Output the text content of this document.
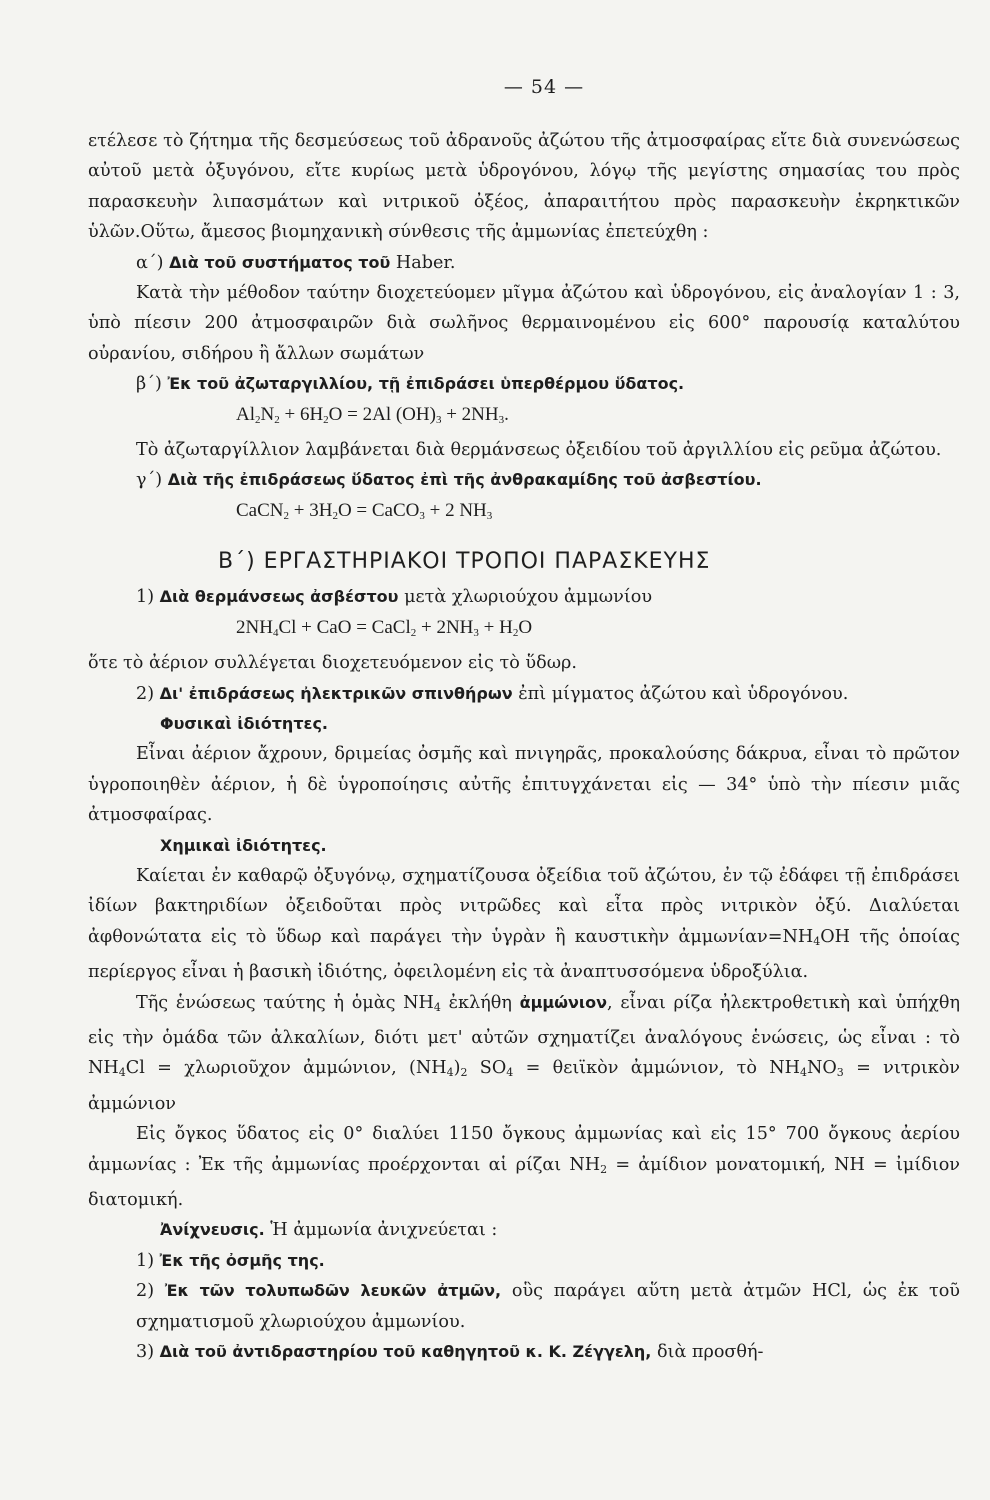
— 54 —

ετέλεσε τὸ ζήτημα τῆς δεσμεύσεως τοῦ ἀδρανοῦς ἀζώτου τῆς ἀτμοσφαίρας εἴτε διὰ συνενώσεως αὐτοῦ μετὰ ὀξυγόνου, εἴτε κυρίως μετὰ ὑδρογόνου, λόγῳ τῆς μεγίστης σημασίας του πρὸς παρασκευὴν λιπασμάτων καὶ νιτρικοῦ ὀξέος, ἀπαραιτήτου πρὸς παρασκευὴν ἐκρηκτικῶν ὑλῶν.Οὕτω, ἄμεσος βιομηχανικὴ σύνθεσις τῆς ἀμμωνίας ἐπετεύχθη :

α΄) Διὰ τοῦ συστήματος τοῦ Haber.

Κατὰ τὴν μέθοδον ταύτην διοχετεύομεν μῖγμα ἀζώτου καὶ ὑδρογόνου, εἰς ἀναλογίαν 1 : 3, ὑπὸ πίεσιν 200 ἀτμοσφαιρῶν διὰ σωλῆνος θερμαινομένου εἰς 600° παρουσίᾳ καταλύτου οὐρανίου, σιδήρου ἢ ἄλλων σωμάτων

β΄) Ἐκ τοῦ ἀζωταργιλλίου, τῇ ἐπιδράσει ὑπερθέρμου ὕδατος.

$Al_2N_2 + 6H_2O = 2Al$ $(OH)_3 + 2NH_3$.

Τὸ ἀζωταργίλλιον λαμβάνεται διὰ θερμάνσεως ὀξειδίου τοῦ ἀργιλλίου εἰς ρεῦμα ἀζώτου.

γ΄) Διὰ τῆς ἐπιδράσεως ὕδατος ἐπὶ τῆς ἀνθρακαμίδης τοῦ ἀσβεστίου.

CaCN$_2$ + $3H_2O$ = CaCO$_3$ + 2 $NH_3$

Β΄) ΕΡΓΑΣΤΗΡΙΑΚΟΙ ΤΡΟΠΟΙ ΠΑΡΑΣΚΕΥΗΣ

1) Διὰ θερμάνσεως ἀσβέστου μετὰ χλωριούχου ἀμμωνίου

$2NH_4Cl$ + CaO = CaCl$_2$ + $2NH_3 + H_2O$

ὅτε τὸ ἀέριον συλλέγεται διοχετευόμενον εἰς τὸ ὕδωρ.

2) Δι' ἐπιδράσεως ἠλεκτρικῶν σπινθήρων ἐπὶ μίγματος ἀζώτου καὶ ὑδρογόνου.

Φυσικαὶ ἰδιότητες.

Εἶναι ἀέριον ἄχρουν, δριμείας ὀσμῆς καὶ πνιγηρᾶς, προκαλούσης δάκρυα, εἶναι τὸ πρῶτον ὑγροποιηθὲν ἀέριον, ἡ δὲ ὑγροποίησις αὐτῆς ἐπιτυγχάνεται εἰς — 34° ὑπὸ τὴν πίεσιν μιᾶς ἀτμοσφαίρας.

Χημικαὶ ἰδιότητες.

Καίεται ἐν καθαρῷ ὀξυγόνῳ, σχηματίζουσα ὀξείδια τοῦ ἀζώτου, ἐν τῷ ἐδάφει τῇ ἐπιδράσει ἰδίων βακτηριδίων ὀξειδοῦται πρὸς νιτρῶδες καὶ εἶτα πρὸς νιτρικὸν ὀξύ. Διαλύεται ἀφθονώτατα εἰς τὸ ὕδωρ καὶ παράγει τὴν ὑγρὰν ἢ καυστικὴν $ἀ\mu\mu\omega\nu ί\alpha\nu=NH_4OH$ τῆς ὁποίας περίεργος εἶναι ἡ βασικὴ ἰδιότης, ὀφειλομένη εἰς τὰ ἀναπτυσσόμενα ὑδροξύλια.

Τῆς ἑνώσεως ταύτης ἡ ὁμὰς $NH_4$ ἐκλήθη ἀμμώνιον, εἶναι ρίζα ἠλεκτροθετικὴ καὶ ὑπήχθη εἰς τὴν ὁμάδα τῶν ἀλκαλίων, διότι μετ' αὐτῶν σχηματίζει ἀναλόγους ἑνώσεις, ὡς εἶναι : τὸ $NH_4Cl$ = χλωριοῦχον ἀμμώνιον, $(NH_4)_2$ $SO_4$ = θειϊκὸν ἀμμώνιον, τὸ $NH_4NO_3$ = νιτρικὸν ἀμμώνιον

Εἰς ὄγκος ὕδατος εἰς 0° διαλύει 1150 ὄγκους ἀμμωνίας καὶ εἰς 15° 700 ὄγκους ἀερίου ἀμμωνίας : Ἐκ τῆς ἀμμωνίας προέρχονται αἱ ρίζαι $NH_2$ = ἀμίδιον μονατομική, NH = ἰμίδιον διατομική.

Ἀνίχνευσις. Ἡ ἀμμωνία ἀνιχνεύεται :

1) Ἐκ τῆς ὀσμῆς της.

2) Ἐκ τῶν τολυπωδῶν λευκῶν ἀτμῶν, οὓς παράγει αὕτη μετὰ ἀτμῶν HCl, ὡς ἐκ τοῦ σχηματισμοῦ χλωριούχου ἀμμωνίου.

3) Διὰ τοῦ ἀντιδραστηρίου τοῦ καθηγητοῦ κ. Κ. Ζέγγελη, διὰ προσθή-
